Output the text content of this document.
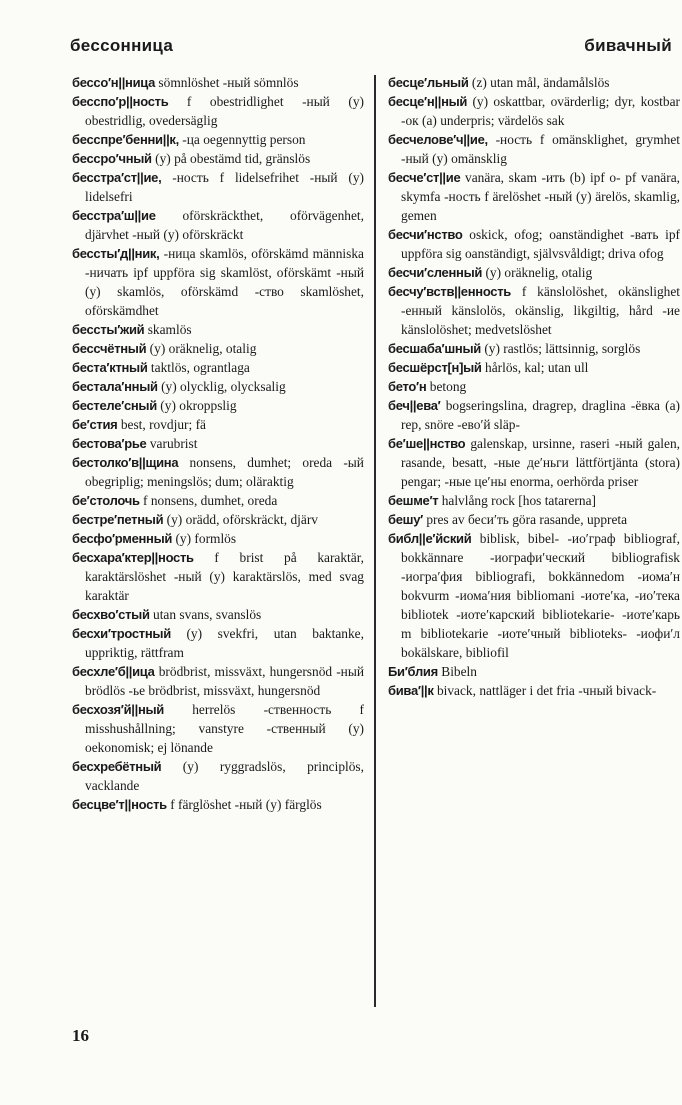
бессонница	бивачный

бессо′н||ница sömnlöshet -ный sömnlös

бесспо′р||ность f obestridlighet -ный (y) obestridlig, ovedersäglig

бесспре′бенни||к, -ца oegennyttig person

бессро′чный (y) på obestämd tid, gränslös

бесстра′ст||ие, -ность f lidelsefrihet -ный (y) lidelsefri

бесстра′ш||ие oförskräckthet, oförvägenhet, djärvhet -ный (y) oförskräckt

бессты′д||ник, -ница skamlös, oförskämd människa -ничать ipf uppföra sig skamlöst, oförskämt -ный (y) skamlös, oförskämd -ство skamlöshet, oförskämdhet

бессты′жий skamlös

бессчётный (y) oräknelig, otalig

беста′ктный taktlös, ograntlaga

бестала′нный (y) olycklig, olycksalig

бестеле′сный (y) okroppslig

бе′стия best, rovdjur; fä

бестова′рье varubrist

бестолко′в||щина nonsens, dumhet; oreda -ый obegriplig; meningslös; dum; oläraktig

бе′столочь f nonsens, dumhet, oreda

бестре′петный (y) orädd, oförskräckt, djärv

бесфо′рменный (y) formlös

бесхара′ктер||ность f brist på karaktär, karaktärslöshet -ный (y) karaktärslös, med svag karaktär

бесхво′стый utan svans, svanslös

бесхи′тростный (y) svekfri, utan baktanke, uppriktig, rättfram

бесхле′б||ица brödbrist, missväxt, hungersnöd -ный brödlös -ье brödbrist, missväxt, hungersnöd

бесхозя′й||ный herrelös -ственность f misshushållning; vanstyre -ственный (y) oekonomisk; ej lönande

бесхребётный (y) ryggradslös, principlös, vacklande

бесцве′т||ность f färglöshet -ный (y) färglös

бесце′льный (z) utan mål, ändamålslös

бесце′н||ный (y) oskattbar, ovärderlig; dyr, kostbar -ок (a) underpris; värdelös sak

бесчелове′ч||ие, -ность f omänsklighet, grymhet -ный (y) omänsklig

бесче′ст||ие vanära, skam -ить (b) ipf о- pf vanära, skymfa -ность f ärelöshet -ный (y) ärelös, skamlig, gemen

бесчи′нство oskick, ofog; oanständighet -вать ipf uppföra sig oanständigt, självsvåldigt; driva ofog

бесчи′сленный (y) oräknelig, otalig

бесчу′вств||енность f känslolöshet, okänslighet -енный känslolös, okänslig, likgiltig, hård -ие känslolöshet; medvetslöshet

бесшаба′шный (y) rastlös; lättsinnig, sorglös

бесшёрст[н]ый hårlös, kal; utan ull

бето′н betong

беч||ева′ bogseringslina, dragrep, draglina -ёвка (a) rep, snöre -ево′й släp-

бе′ше||нство galenskap, ursinne, raseri -ный galen, rasande, besatt, -ные де′ньги lättförtjänta (stora) pengar; -ные це′ны enorma, oerhörda priser

бешме′т halvlång rock [hos tatarerna]

бешу′ pres av беси′ть göra rasande, uppreta

библ||е′йский biblisk, bibel- -ио′граф bibliograf, bokkännare -иографи′ческий bibliografisk -иогра′фия bibliografi, bokkännedom -иома′н bokvurm -иома′ния bibliomani -иоте′ка, -ио′тека bibliotek -иоте′карский bibliotekarie- -иоте′карь m bibliotekarie -иоте′чный biblioteks- -иофи′л bokälskare, bibliofil

Би′блия Bibeln

бива′||к bivack, nattläger i det fria -чный bivack-

16
